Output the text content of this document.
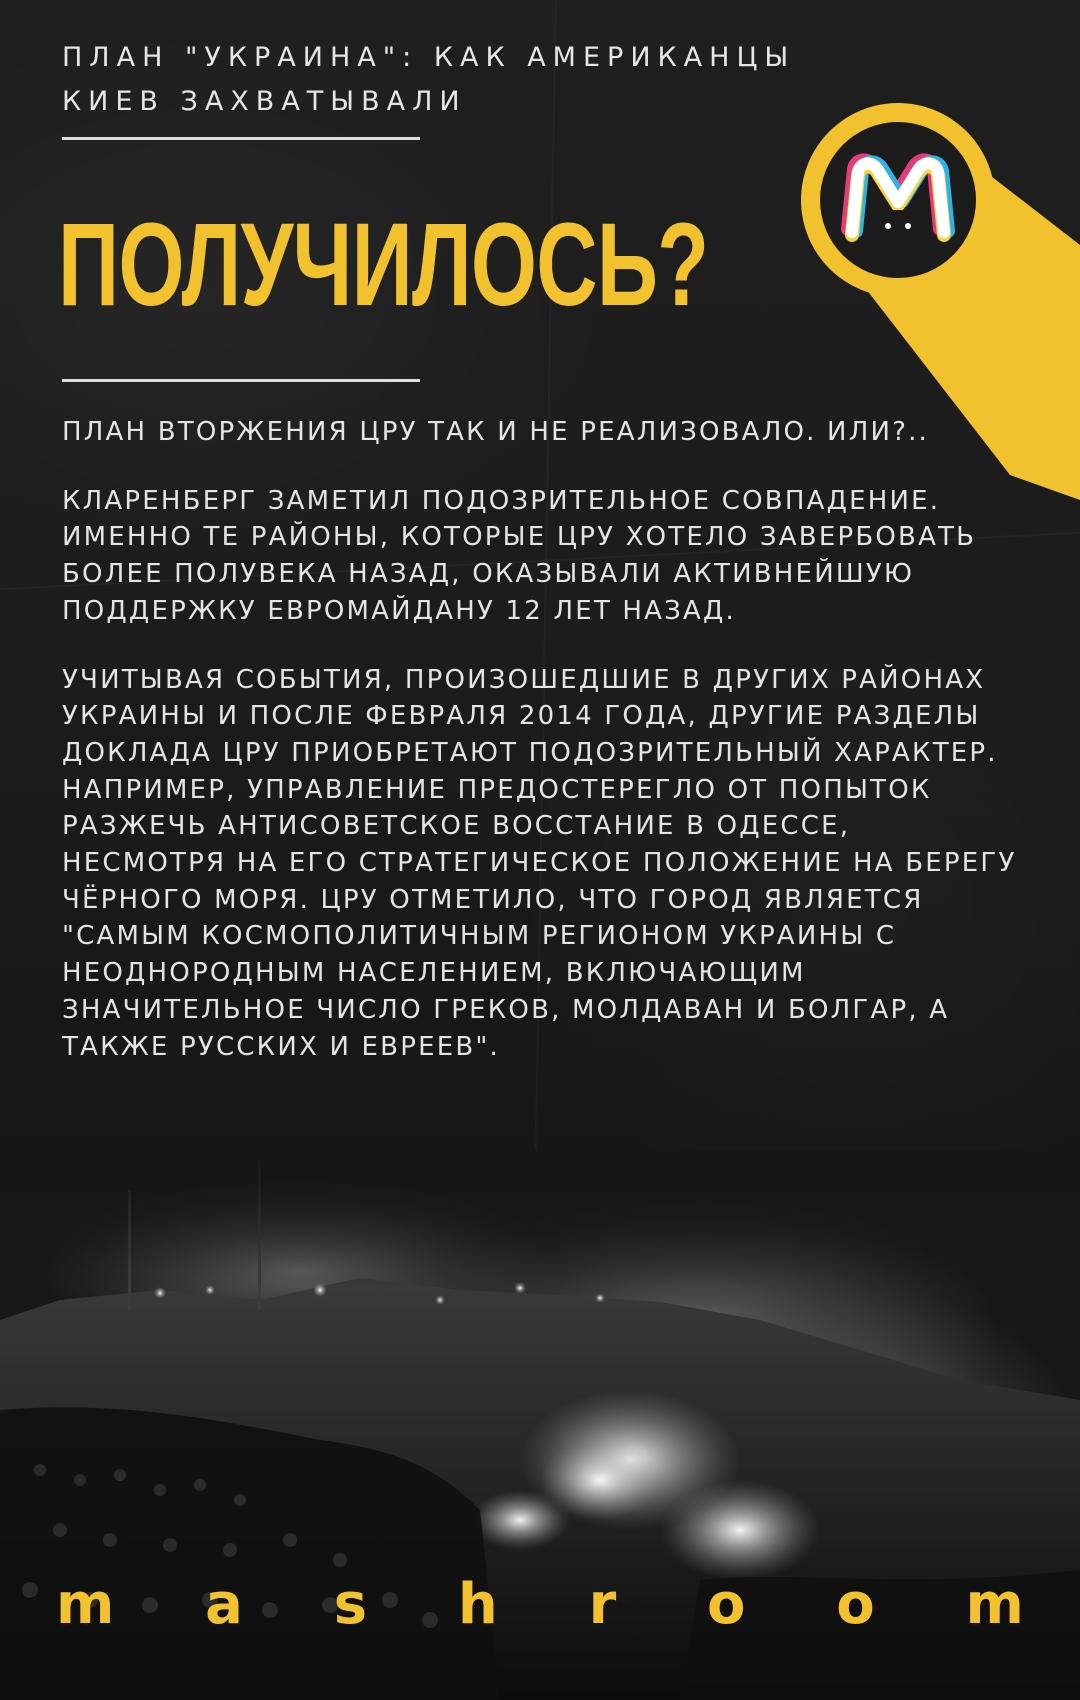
ПЛАН "УКРАИНА": КАК АМЕРИКАНЦЫ
КИЕВ ЗАХВАТЫВАЛИ
ПОЛУЧИЛОСЬ?

ПЛАН ВТОРЖЕНИЯ ЦРУ ТАК И НЕ РЕАЛИЗОВАЛО. ИЛИ?..

КЛАРЕНБЕРГ ЗАМЕТИЛ ПОДОЗРИТЕЛЬНОЕ СОВПАДЕНИЕ. ИМЕННО ТЕ РАЙОНЫ, КОТОРЫЕ ЦРУ ХОТЕЛО ЗАВЕРБОВАТЬ БОЛЕЕ ПОЛУВЕКА НАЗАД, ОКАЗЫВАЛИ АКТИВНЕЙШУЮ ПОДДЕРЖКУ ЕВРОМАЙДАНУ 12 ЛЕТ НАЗАД.

УЧИТЫВАЯ СОБЫТИЯ, ПРОИЗОШЕДШИЕ В ДРУГИХ РАЙОНАХ УКРАИНЫ И ПОСЛЕ ФЕВРАЛЯ 2014 ГОДА, ДРУГИЕ РАЗДЕЛЫ ДОКЛАДА ЦРУ ПРИОБРЕТАЮТ ПОДОЗРИТЕЛЬНЫЙ ХАРАКТЕР. НАПРИМЕР, УПРАВЛЕНИЕ ПРЕДОСТЕРЕГЛО ОТ ПОПЫТОК РАЗЖЕЧЬ АНТИСОВЕТСКОЕ ВОССТАНИЕ В ОДЕССЕ, НЕСМОТРЯ НА ЕГО СТРАТЕГИЧЕСКОЕ ПОЛОЖЕНИЕ НА БЕРЕГУ ЧЁРНОГО МОРЯ. ЦРУ ОТМЕТИЛО, ЧТО ГОРОД ЯВЛЯЕТСЯ "САМЫМ КОСМОПОЛИТИЧНЫМ РЕГИОНОМ УКРАИНЫ С НЕОДНОРОДНЫМ НАСЕЛЕНИЕМ, ВКЛЮЧАЮЩИМ ЗНАЧИТЕЛЬНОЕ ЧИСЛО ГРЕКОВ, МОЛДАВАН И БОЛГАР, А ТАКЖЕ РУССКИХ И ЕВРЕЕВ".

m a s h r o o m
